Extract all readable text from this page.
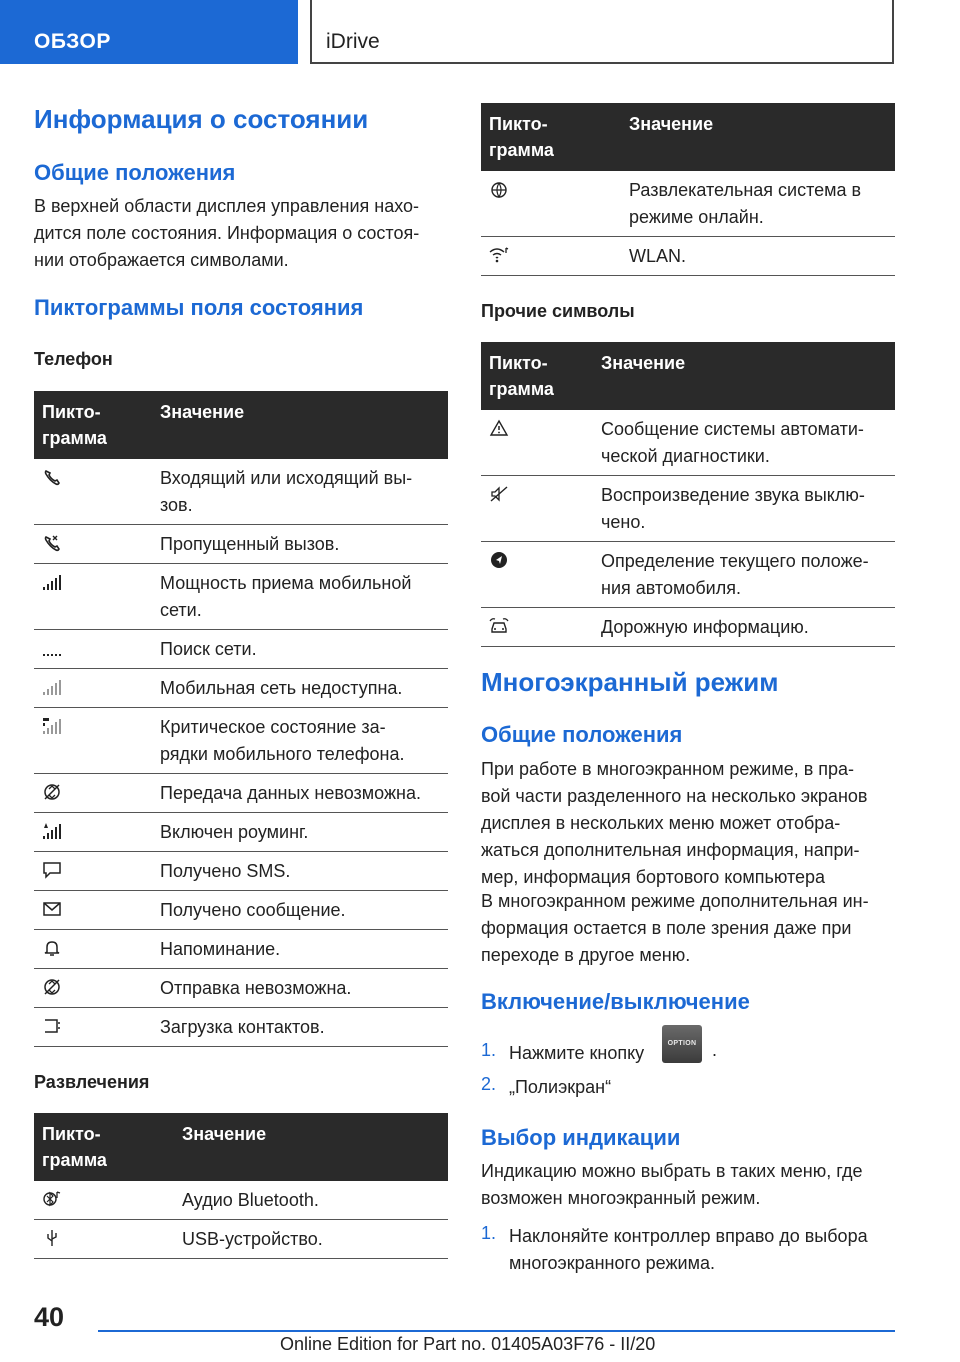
ОБЗОР	iDrive
Информация о состоянии
Общие положения
В верхней области дисплея управления нахо-
дится поле состояния. Информация о состоя-
нии отображается символами.
Пиктограммы поля состояния
Телефон
Пикто-
грамма	Значение

Входящий или исходящий вы-
зов.

Пропущенный вызов.

Мощность приема мобильной
сети.

Поиск сети.

Мобильная сеть недоступна.

Критическое состояние за-
рядки мобильного телефона.

Передача данных невозможна.

Включен роуминг.

Получено SMS.

Получено сообщение.

Напоминание.

Отправка невозможна.

Загрузка контактов.
Развлечения
Пикто-
грамма	Значение

Аудио Bluetooth.

USB-устройство.
Пикто-
грамма	Значение

Развлекательная система в
режиме онлайн.

WLAN.
Прочие символы
Пикто-
грамма	Значение

Сообщение системы автомати-
ческой диагностики.

Воспроизведение звука выклю-
чено.

Определение текущего положе-
ния автомобиля.

Дорожную информацию.
Многоэкранный режим
Общие положения
При работе в многоэкранном режиме, в пра-
вой части разделенного на несколько экранов
дисплея в нескольких меню может отобра-
жаться дополнительная информация, напри-
мер, информация бортового компьютера
В многоэкранном режиме дополнительная ин-
формация остается в поле зрения даже при
переходе в другое меню.
Включение/выключение
1. Нажмите кнопку	OPTION .
2. „Полиэкран“
Выбор индикации
Индикацию можно выбрать в таких меню, где
возможен многоэкранный режим.
1. Наклоняйте контроллер вправо до выбора
многоэкранного режима.
40
Online Edition for Part no. 01405A03F76 - II/20
